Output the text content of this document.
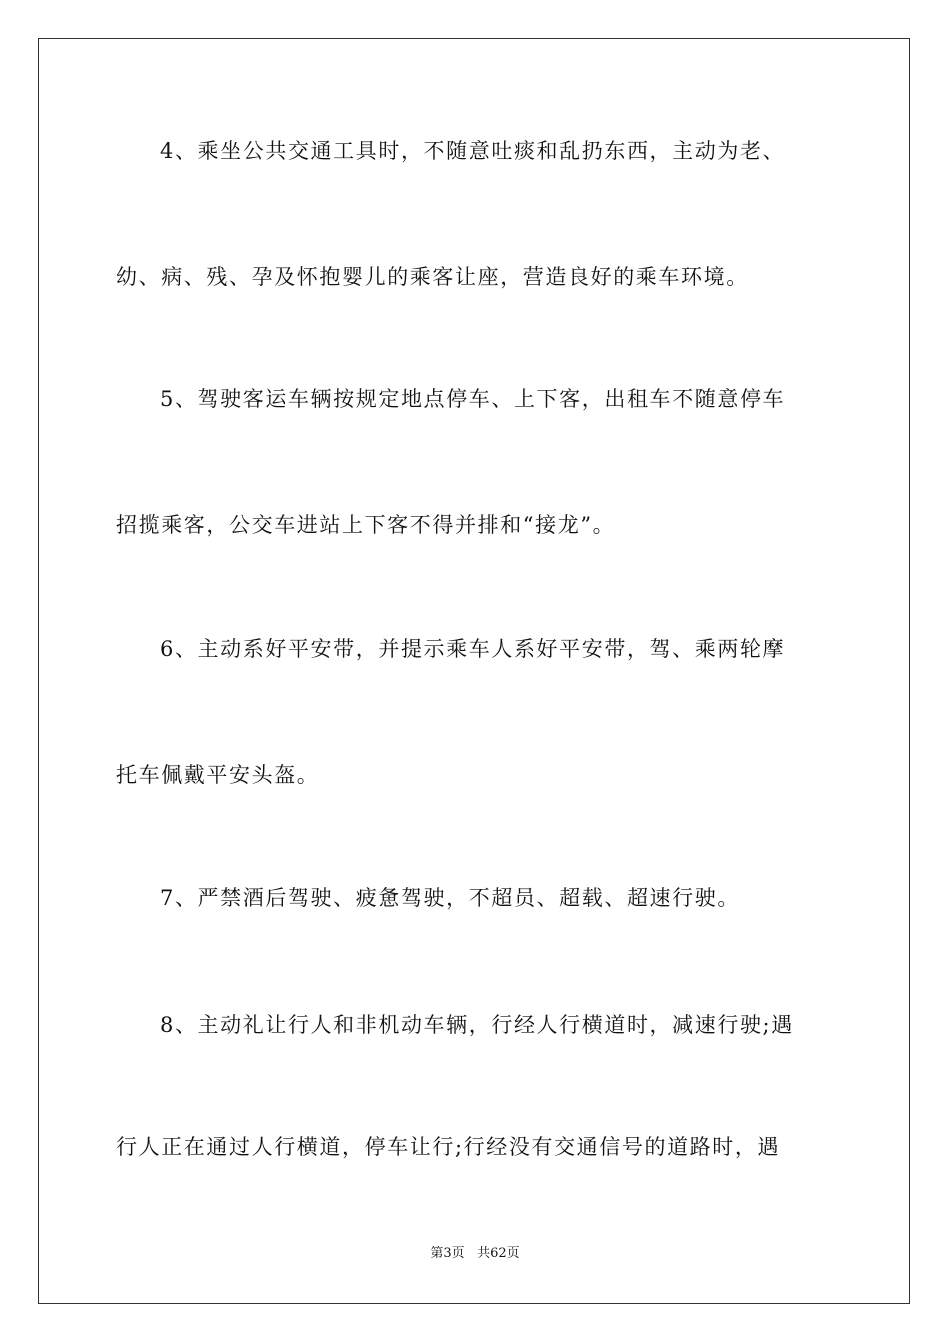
4、乘坐公共交通工具时，不随意吐痰和乱扔东西，主动为老、
幼、病、残、孕及怀抱婴儿的乘客让座，营造良好的乘车环境。
5、驾驶客运车辆按规定地点停车、上下客，出租车不随意停车
招揽乘客，公交车进站上下客不得并排和“接龙”。
6、主动系好平安带，并提示乘车人系好平安带，驾、乘两轮摩
托车佩戴平安头盔。
7、严禁酒后驾驶、疲惫驾驶，不超员、超载、超速行驶。
8、主动礼让行人和非机动车辆，行经人行横道时，减速行驶;遇
行人正在通过人行横道，停车让行;行经没有交通信号的道路时，遇
第3页 共62页
